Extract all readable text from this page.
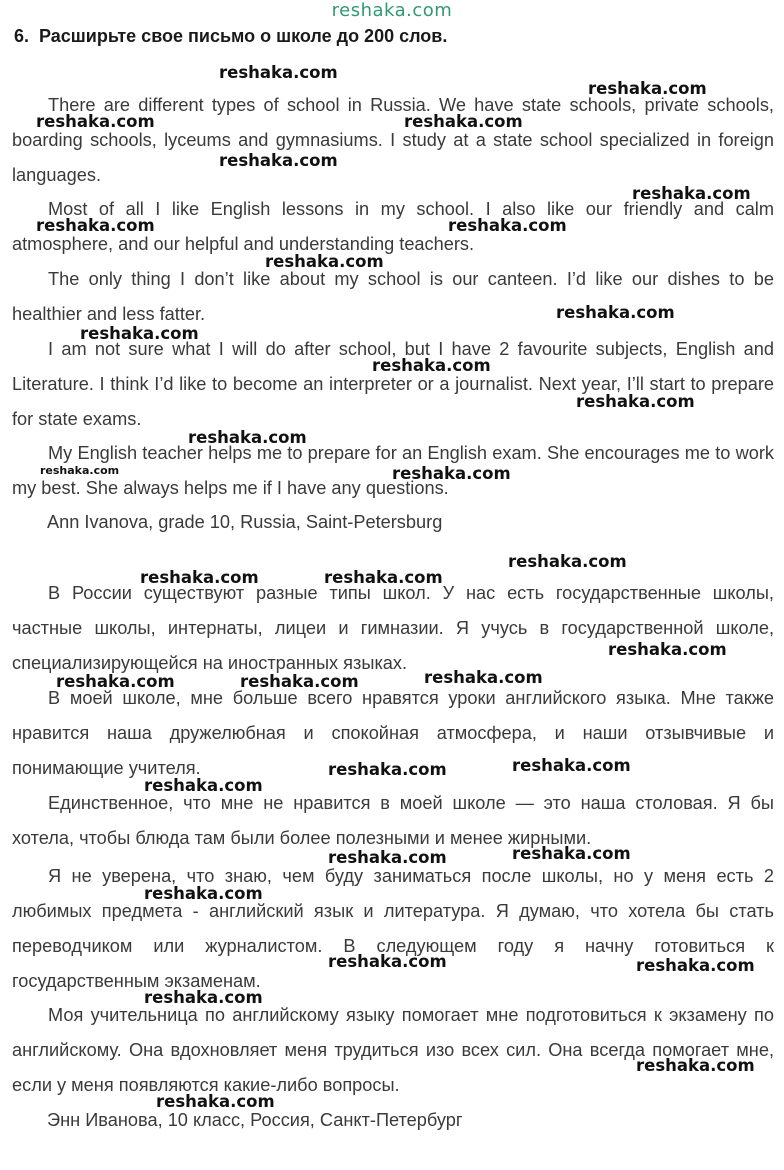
reshaka.com
6. Расширьте свое письмо о школе до 200 слов.

There are different types of school in Russia. We have state schools, private schools, boarding schools, lyceums and gymnasiums. I study at a state school specialized in foreign languages.

Most of all I like English lessons in my school. I also like our friendly and calm atmosphere, and our helpful and understanding teachers.

The only thing I don’t like about my school is our canteen. I’d like our dishes to be healthier and less fatter.

I am not sure what I will do after school, but I have 2 favourite subjects, English and Literature. I think I’d like to become an interpreter or a journalist. Next year, I’ll start to prepare for state exams.

My English teacher helps me to prepare for an English exam. She encourages me to work my best. She always helps me if I have any questions.

Ann Ivanova, grade 10, Russia, Saint-Petersburg

В России существуют разные типы школ. У нас есть государственные школы, частные школы, интернаты, лицеи и гимназии. Я учусь в государственной школе, специализирующейся на иностранных языках.

В моей школе, мне больше всего нравятся уроки английского языка. Мне также нравится наша дружелюбная и спокойная атмосфера, и наши отзывчивые и понимающие учителя.

Единственное, что мне не нравится в моей школе — это наша столовая. Я бы хотела, чтобы блюда там были более полезными и менее жирными.

Я не уверена, что знаю, чем буду заниматься после школы, но у меня есть 2 любимых предмета - английский язык и литература. Я думаю, что хотела бы стать переводчиком или журналистом. В следующем году я начну готовиться к государственным экзаменам.

Моя учительница по английскому языку помогает мне подготовиться к экзамену по английскому. Она вдохновляет меня трудиться изо всех сил. Она всегда помогает мне, если у меня появляются какие-либо вопросы.

Энн Иванова, 10 класс, Россия, Санкт-Петербург

reshaka.com
reshaka.com
reshaka.com	reshaka.com
reshaka.com
reshaka.com
reshaka.com	reshaka.com
reshaka.com
reshaka.com
reshaka.com
reshaka.com
reshaka.com
reshaka.com
reshaka.com	reshaka.com
reshaka.com
reshaka.com	reshaka.com
reshaka.com
reshaka.com	reshaka.com	reshaka.com
reshaka.com
reshaka.com
reshaka.com
reshaka.com
reshaka.com
reshaka.com
reshaka.com	reshaka.com
reshaka.com
reshaka.com
reshaka.com
